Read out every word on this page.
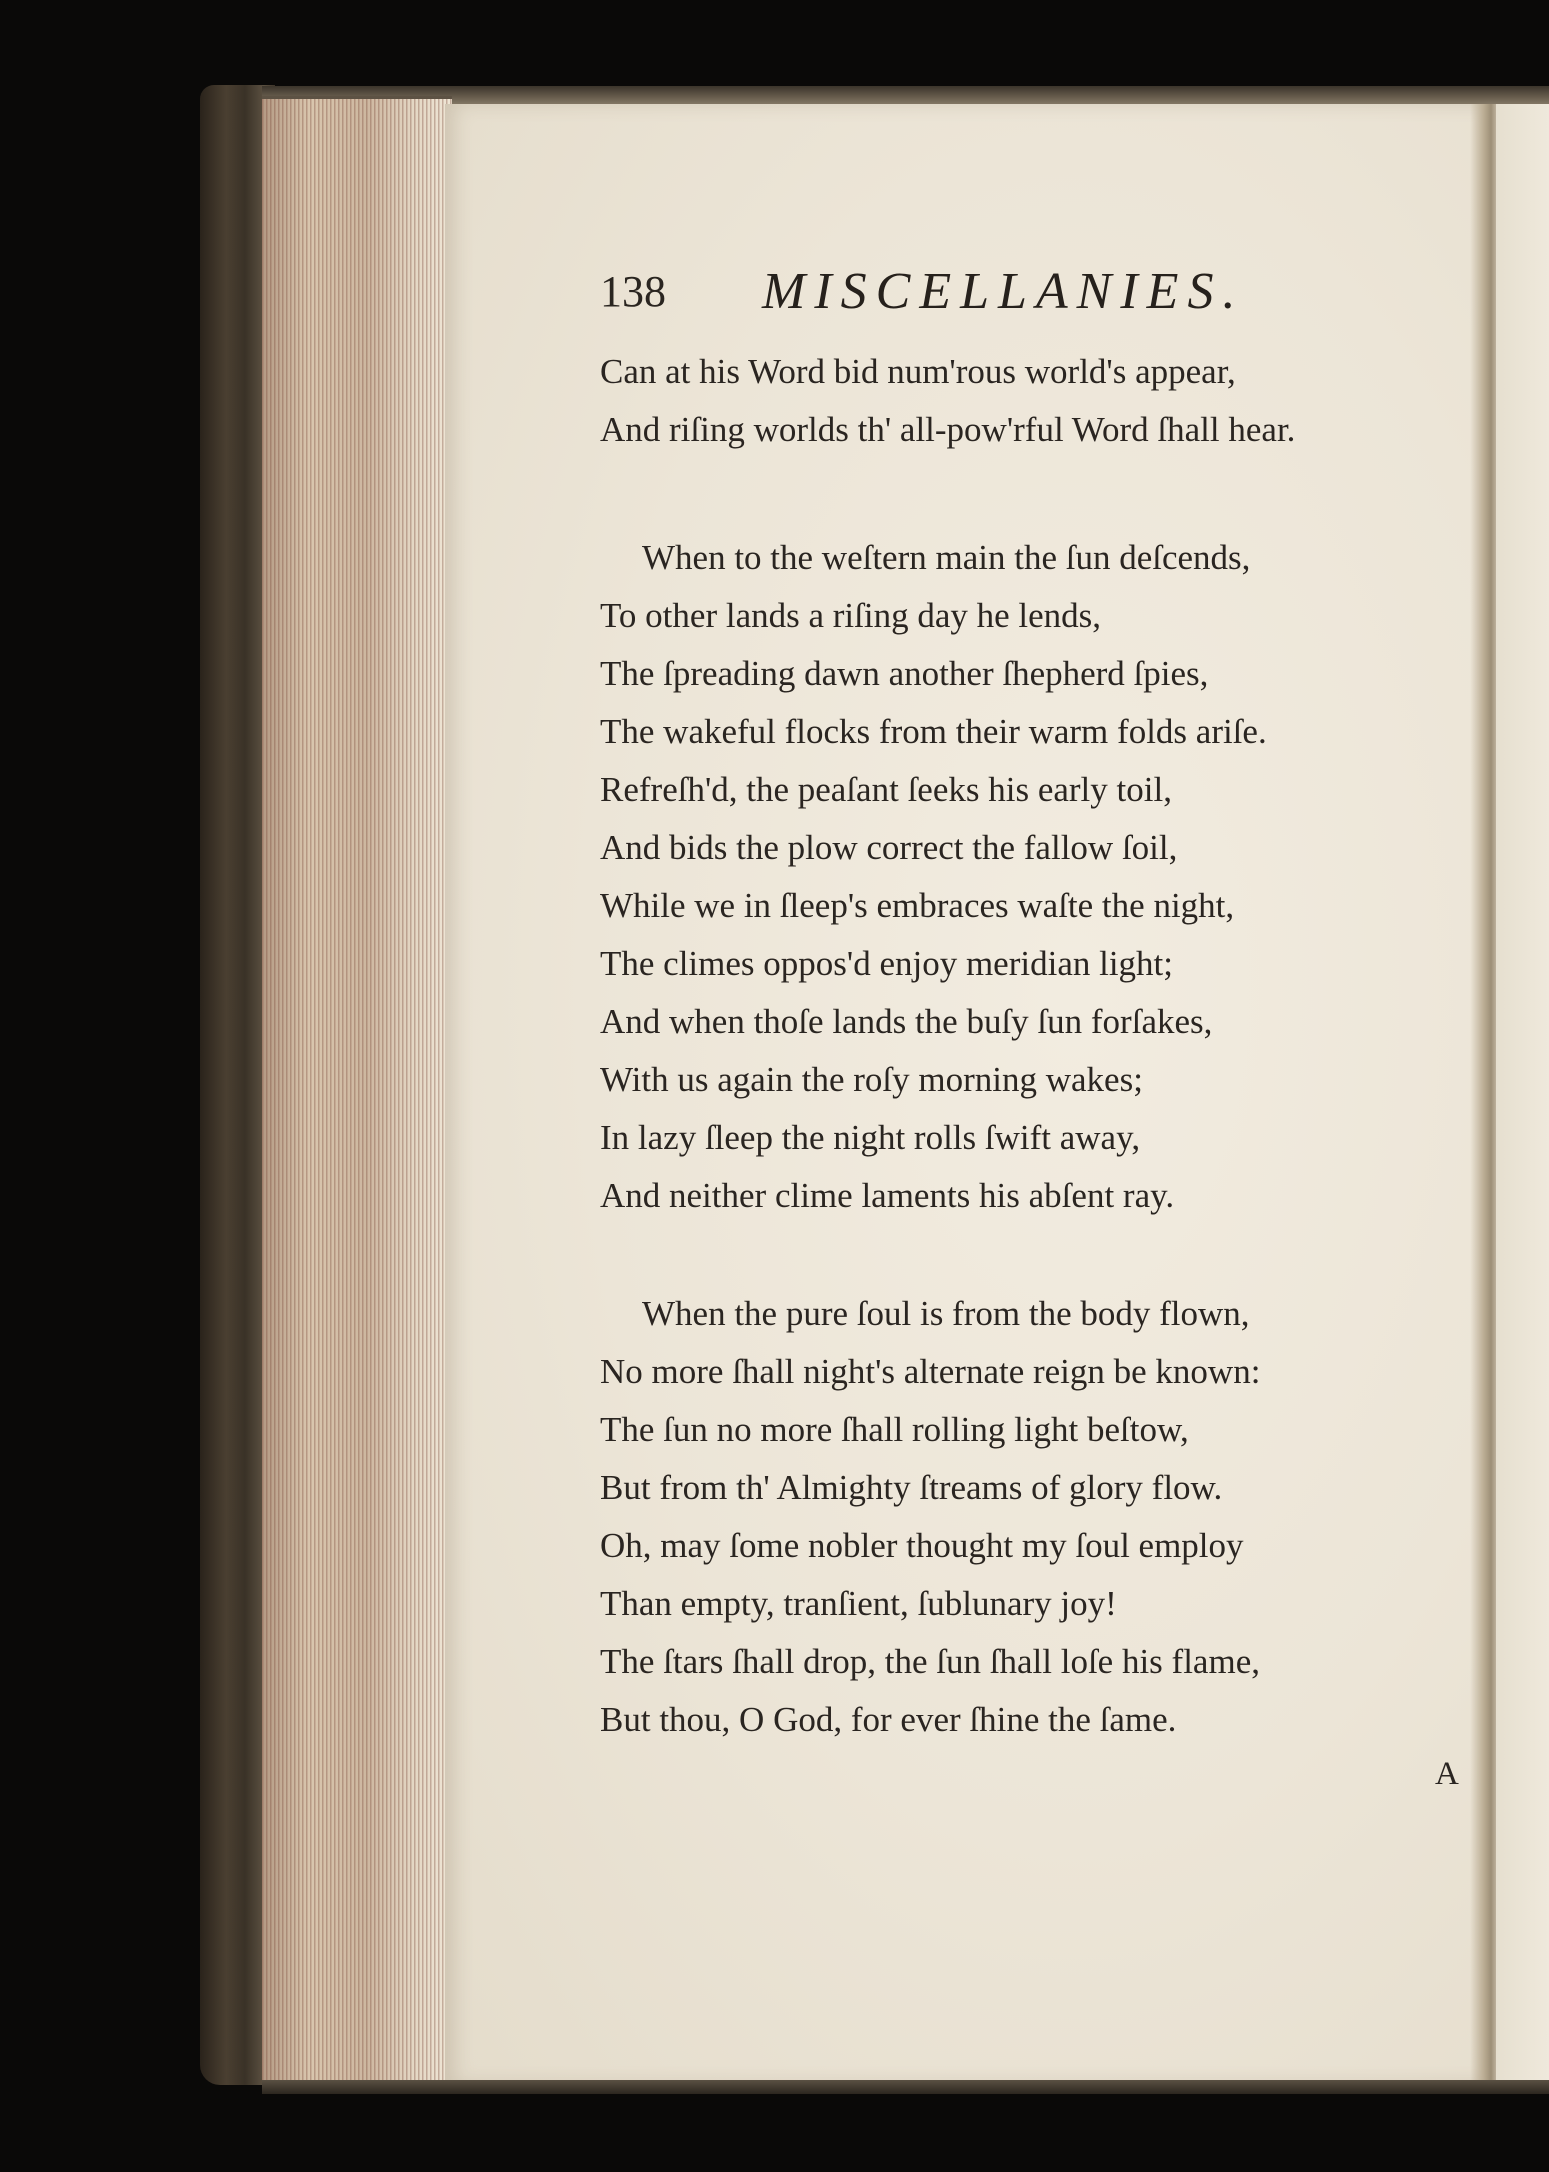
138 MISCELLANIES.
Can at his Word bid num'rous world's appear,
And riſing worlds th' all-pow'rful Word ſhall hear.
When to the weſtern main the ſun deſcends,
To other lands a riſing day he lends,
The ſpreading dawn another ſhepherd ſpies,
The wakeful flocks from their warm folds ariſe.
Refreſh'd, the peaſant ſeeks his early toil,
And bids the plow correct the fallow ſoil,
While we in ſleep's embraces waſte the night,
The climes oppos'd enjoy meridian light;
And when thoſe lands the buſy ſun forſakes,
With us again the roſy morning wakes;
In lazy ſleep the night rolls ſwift away,
And neither clime laments his abſent ray.
When the pure ſoul is from the body flown,
No more ſhall night's alternate reign be known:
The ſun no more ſhall rolling light beſtow,
But from th' Almighty ſtreams of glory flow.
Oh, may ſome nobler thought my ſoul employ
Than empty, tranſient, ſublunary joy!
The ſtars ſhall drop, the ſun ſhall loſe his flame,
But thou, O God, for ever ſhine the ſame.
A
